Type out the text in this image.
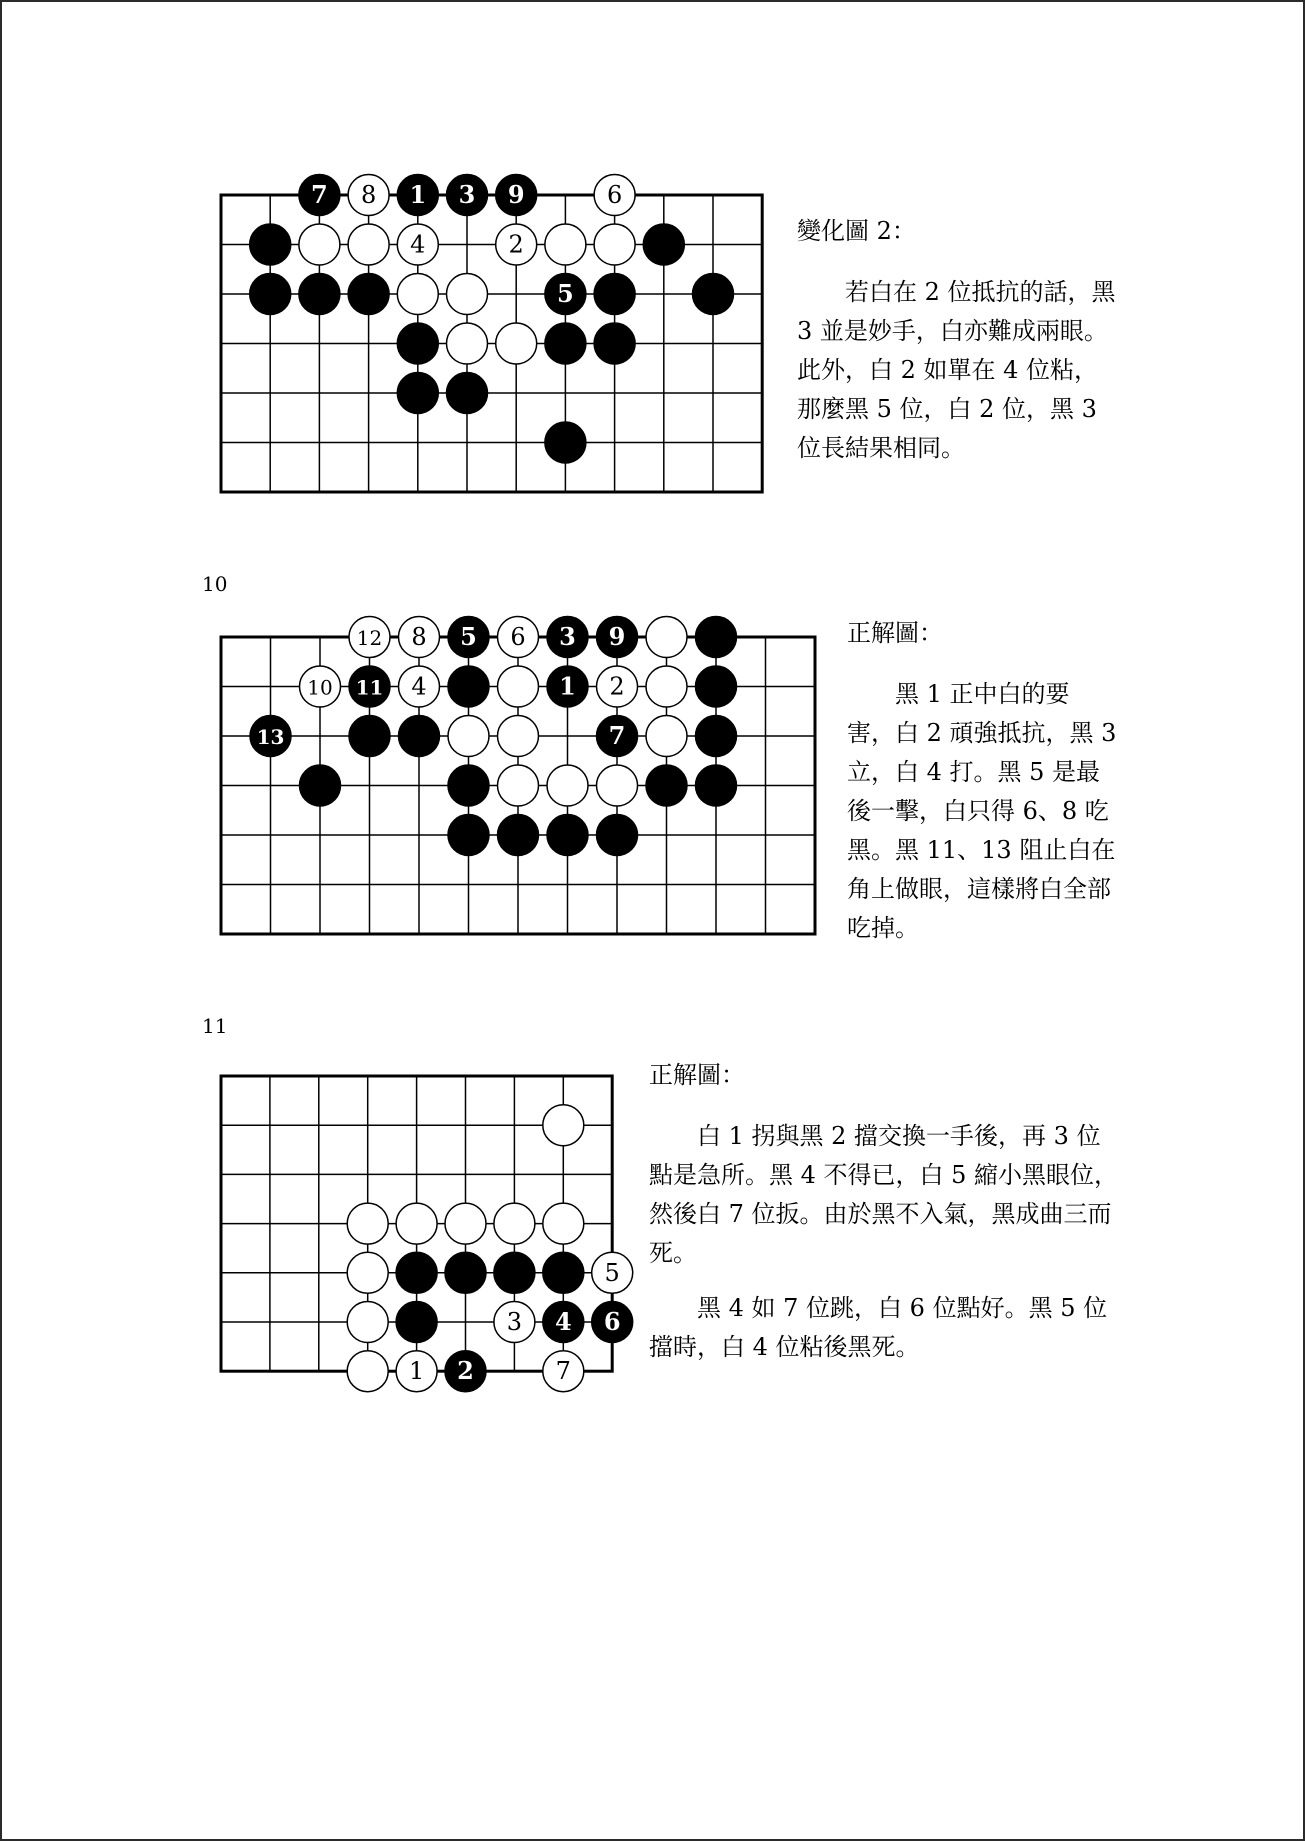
7 8 1 3 9	6
4	2
5
變化圖 2：

若白在 2 位抵抗的話，黑 3 並是妙手，白亦難成兩眼。此外，白 2 如單在 4 位粘，那麼黑 5 位，白 2 位，黑 3 位長結果相同。

10
12 8 5 6 3 9
10 11 4	1 2
13	7
正解圖：

黑 1 正中白的要害，白 2 頑強抵抗，黑 3 立，白 4 打。黑 5 是最後一擊，白只得 6、8 吃黑。黑 11、13 阻止白在角上做眼，這樣將白全部吃掉。

11
5
3 4 6
1 2	7
正解圖：

白 1 拐與黑 2 擋交換一手後，再 3 位點是急所。黑 4 不得已，白 5 縮小黑眼位，然後白 7 位扳。由於黑不入氣，黑成曲三而死。

黑 4 如 7 位跳，白 6 位點好。黑 5 位擋時，白 4 位粘後黑死。
